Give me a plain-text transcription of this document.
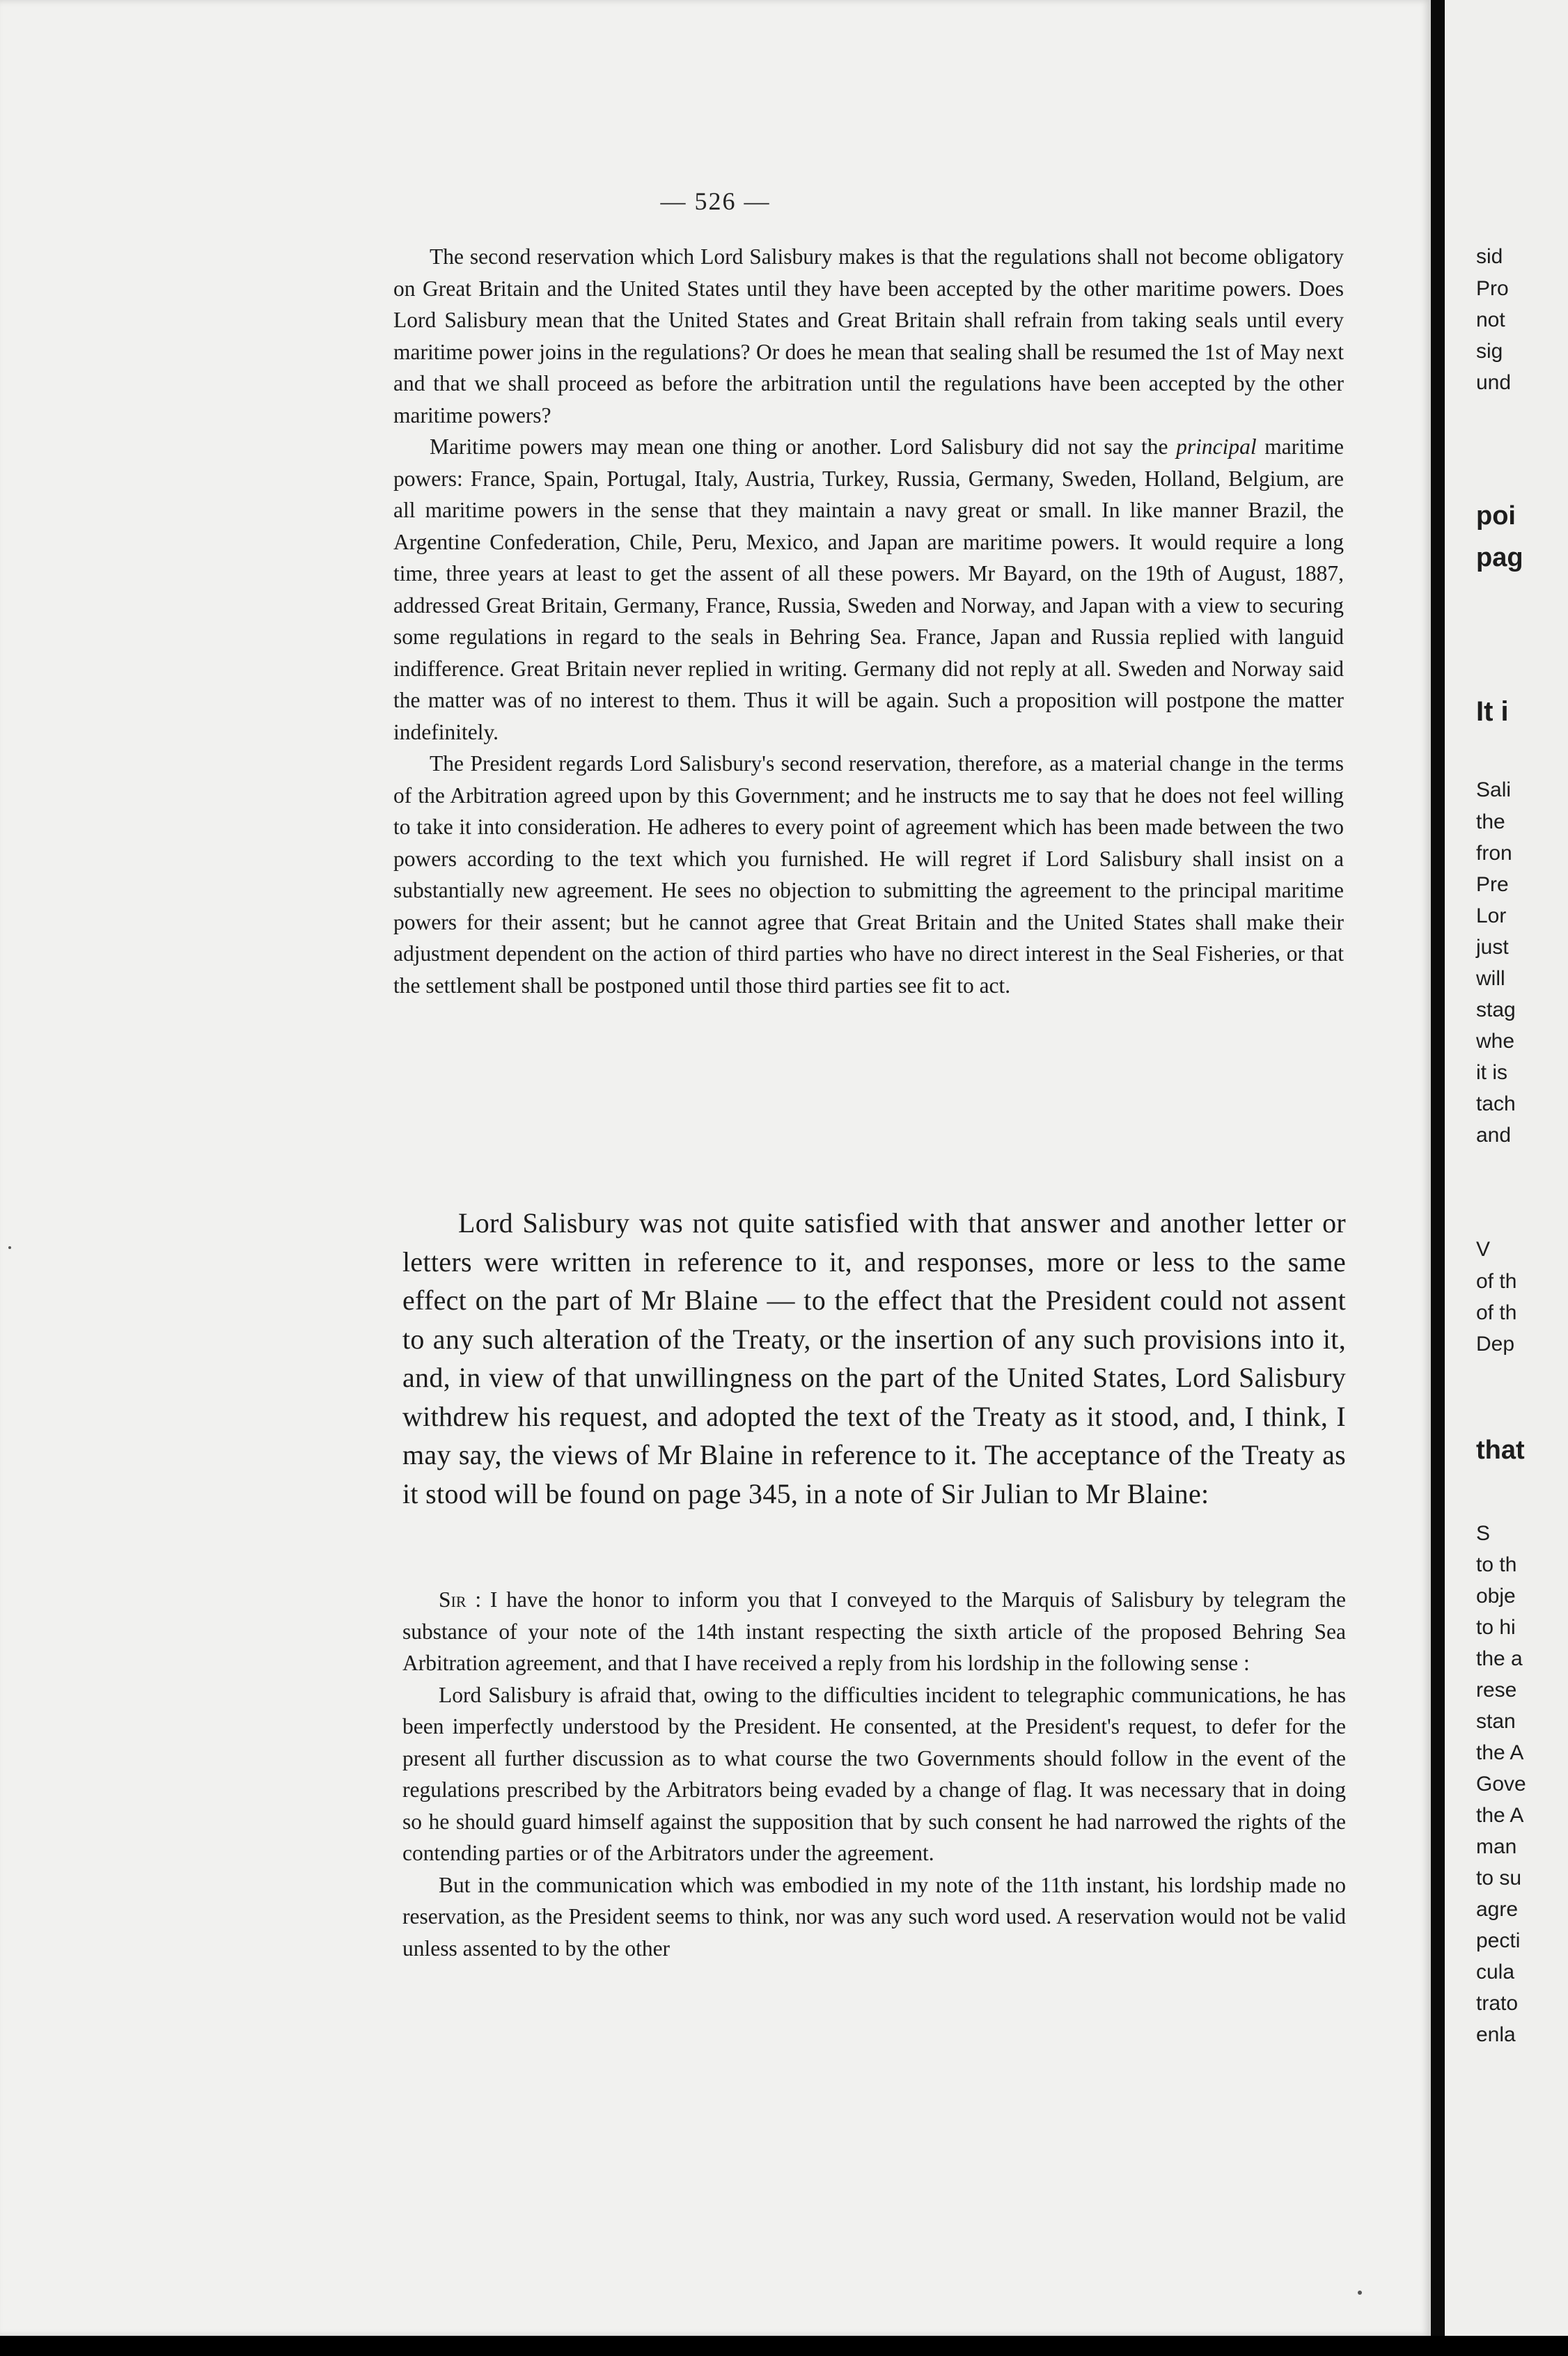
— 526 —

The second reservation which Lord Salisbury makes is that the regulations shall not become obligatory on Great Britain and the United States until they have been accepted by the other maritime powers. Does Lord Salisbury mean that the United States and Great Britain shall refrain from taking seals until every maritime power joins in the regulations? Or does he mean that sealing shall be resumed the 1st of May next and that we shall proceed as before the arbitration until the regulations have been accepted by the other maritime powers?

Maritime powers may mean one thing or another. Lord Salisbury did not say the principal maritime powers: France, Spain, Portugal, Italy, Austria, Turkey, Russia, Germany, Sweden, Holland, Belgium, are all maritime powers in the sense that they maintain a navy great or small. In like manner Brazil, the Argentine Confederation, Chile, Peru, Mexico, and Japan are maritime powers. It would require a long time, three years at least to get the assent of all these powers. Mr Bayard, on the 19th of August, 1887, addressed Great Britain, Germany, France, Russia, Sweden and Norway, and Japan with a view to securing some regulations in regard to the seals in Behring Sea. France, Japan and Russia replied with languid indifference. Great Britain never replied in writing. Germany did not reply at all. Sweden and Norway said the matter was of no interest to them. Thus it will be again. Such a proposition will postpone the matter indefinitely.

The President regards Lord Salisbury's second reservation, therefore, as a material change in the terms of the Arbitration agreed upon by this Government; and he instructs me to say that he does not feel willing to take it into consideration. He adheres to every point of agreement which has been made between the two powers according to the text which you furnished. He will regret if Lord Salisbury shall insist on a substantially new agreement. He sees no objection to submitting the agreement to the principal maritime powers for their assent; but he cannot agree that Great Britain and the United States shall make their adjustment dependent on the action of third parties who have no direct interest in the Seal Fisheries, or that the settlement shall be postponed until those third parties see fit to act.

Lord Salisbury was not quite satisfied with that answer and another letter or letters were written in reference to it, and responses, more or less to the same effect on the part of Mr Blaine — to the effect that the President could not assent to any such alteration of the Treaty, or the insertion of any such provisions into it, and, in view of that unwillingness on the part of the United States, Lord Salisbury withdrew his request, and adopted the text of the Treaty as it stood, and, I think, I may say, the views of Mr Blaine in reference to it. The acceptance of the Treaty as it stood will be found on page 345, in a note of Sir Julian to Mr Blaine:

Sir : I have the honor to inform you that I conveyed to the Marquis of Salisbury by telegram the substance of your note of the 14th instant respecting the sixth article of the proposed Behring Sea Arbitration agreement, and that I have received a reply from his lordship in the following sense :

Lord Salisbury is afraid that, owing to the difficulties incident to telegraphic communications, he has been imperfectly understood by the President. He consented, at the President's request, to defer for the present all further discussion as to what course the two Governments should follow in the event of the regulations prescribed by the Arbitrators being evaded by a change of flag. It was necessary that in doing so he should guard himself against the supposition that by such consent he had narrowed the rights of the contending parties or of the Arbitrators under the agreement.

But in the communication which was embodied in my note of the 11th instant, his lordship made no reservation, as the President seems to think, nor was any such word used. A reservation would not be valid unless assented to by the other

sid
Pro
not
sig
und
poi
pag
It i
Sali
the
fron
Pre
Lor
just
will
stag
whe
it is
tach
and
V
of th
of th
Dep
that
S
to th
obje
to hi
the a
rese
stan
the A
Gove
the A
man
to su
agre
pecti
cula
trato
enla
